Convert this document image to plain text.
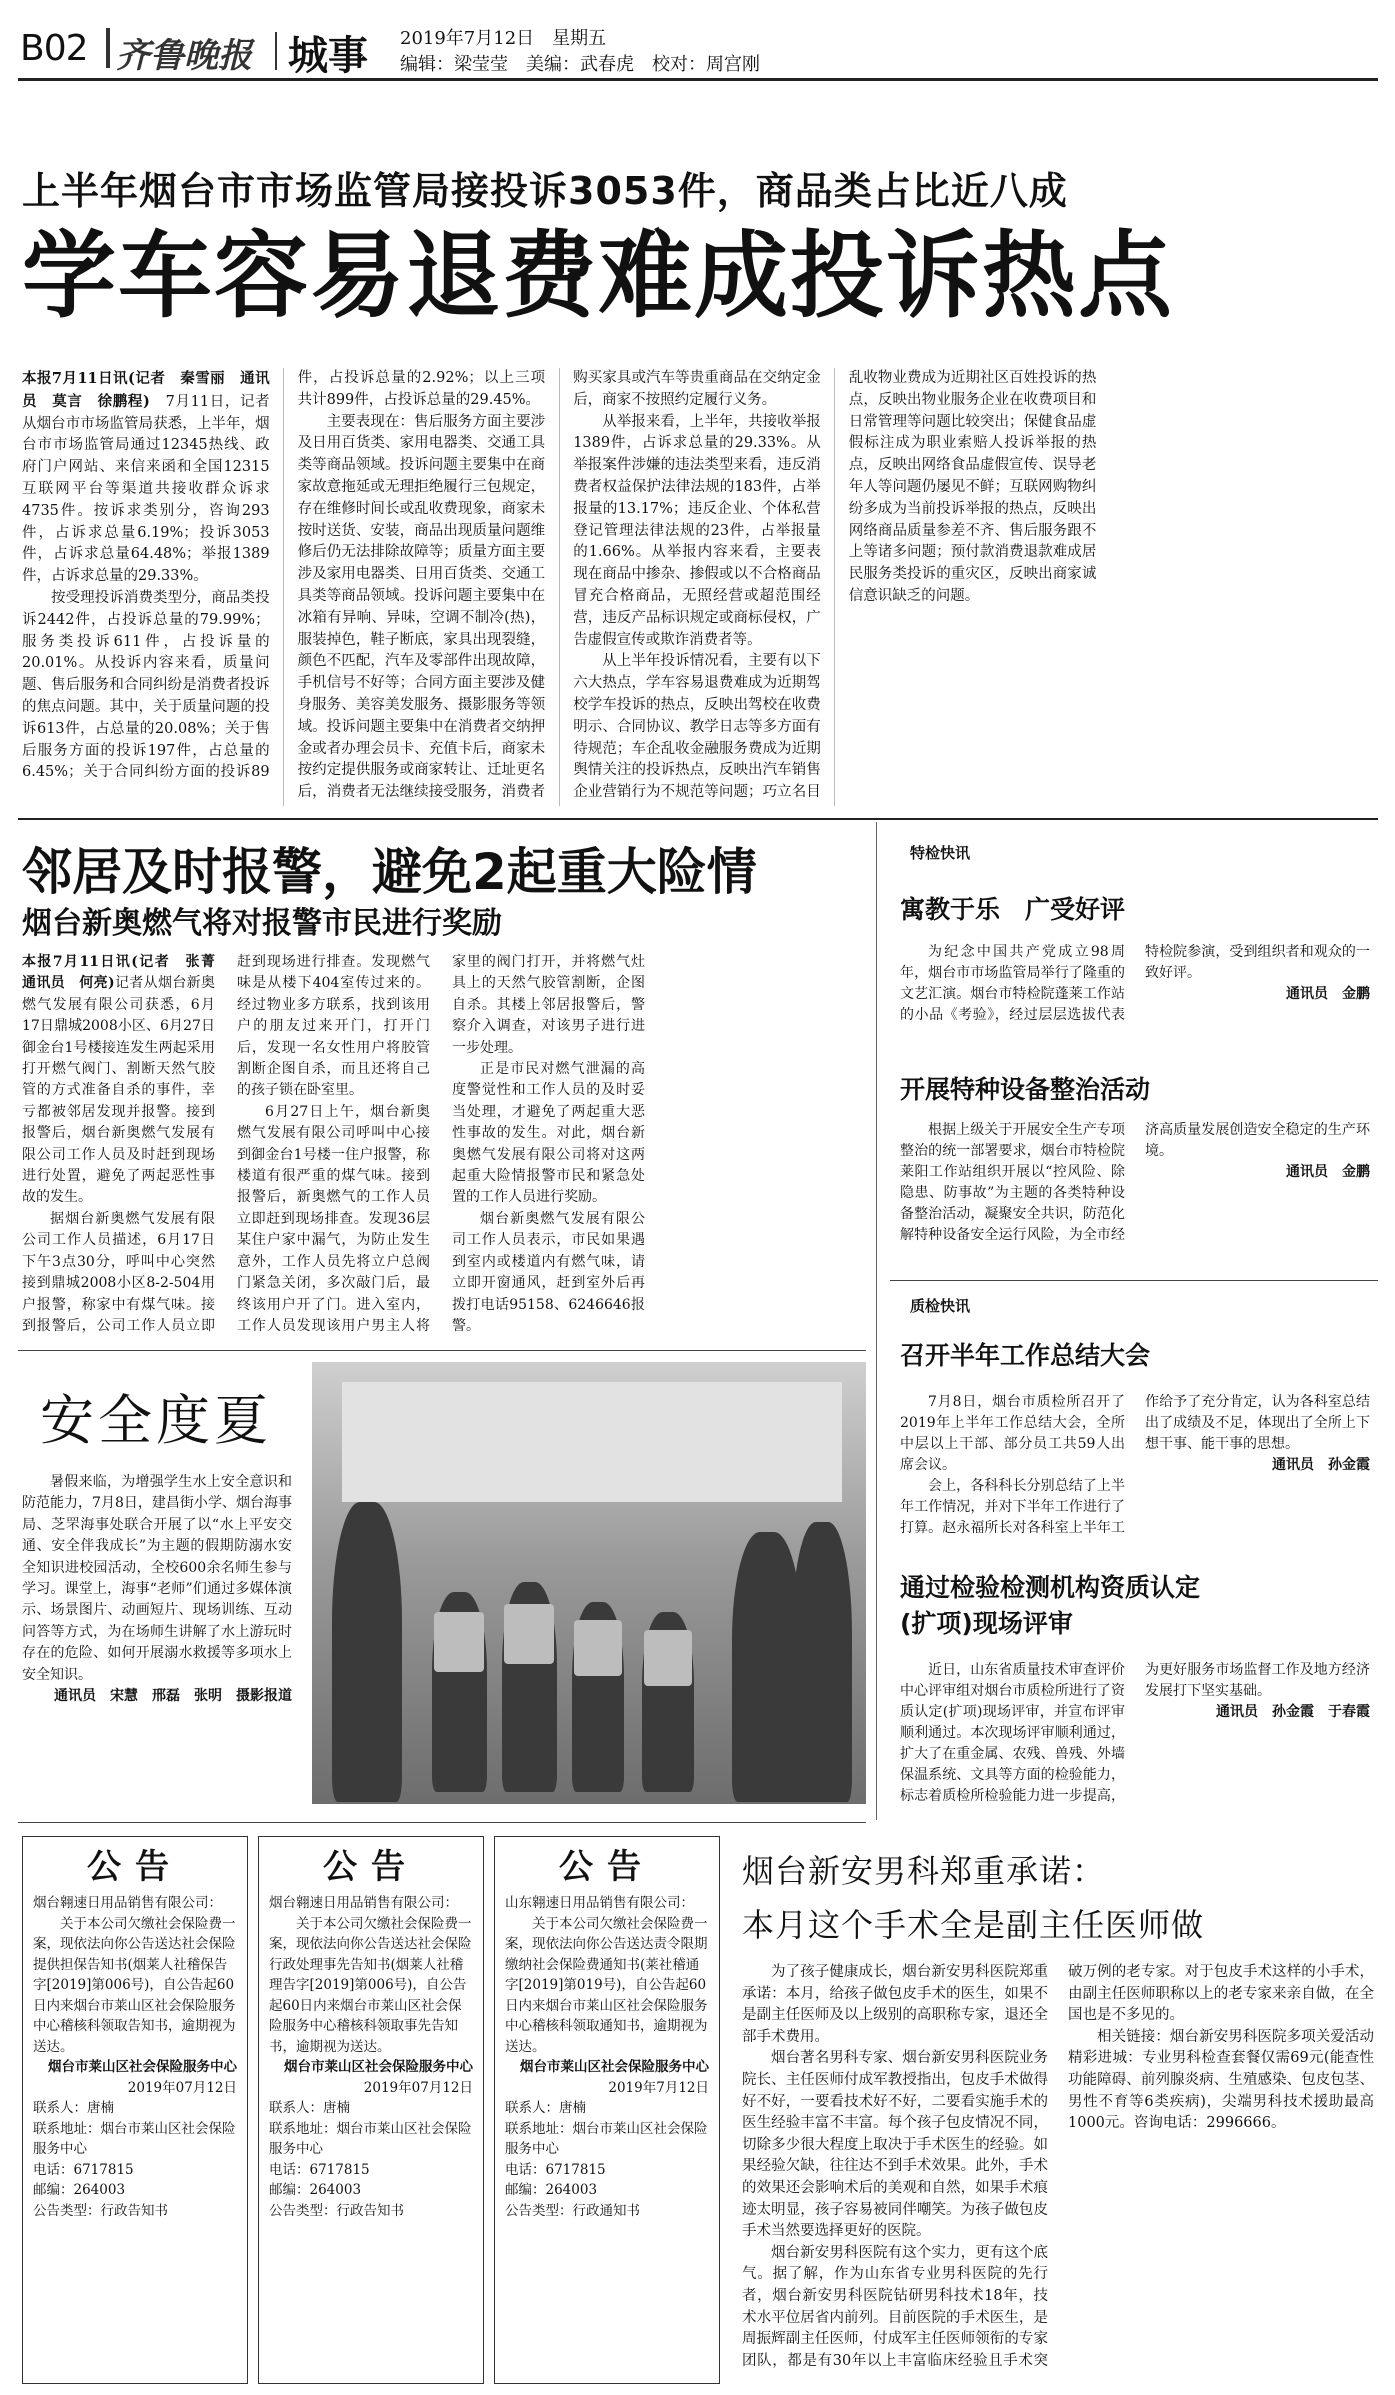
B02 齐鲁晚报 城事 2019年7月12日　星期五
编辑：梁莹莹　美编：武春虎　校对：周宫刚
上半年烟台市市场监管局接投诉3053件，商品类占比近八成
学车容易退费难成投诉热点

本报7月11日讯(记者　秦雪丽　通讯员　莫言　徐鹏程)　 7月11日，记者从烟台市市场监管局获悉，上半年，烟台市市场监管局通过12345热线、政府门户网站、来信来函和全国12315互联网平台等渠道共接收群众诉求4735件。按诉求类别分，咨询293件，占诉求总量6.19%；投诉3053件，占诉求总量64.48%；举报1389件，占诉求总量的29.33%。

按受理投诉消费类型分，商品类投诉2442件，占投诉总量的79.99%；服务类投诉611件，占投诉量的20.01%。从投诉内容来看，质量问题、售后服务和合同纠纷是消费者投诉的焦点问题。其中，关于质量问题的投诉613件，占总量的20.08%；关于售后服务方面的投诉197件，占总量的6.45%；关于合同纠纷方面的投诉89件，占投诉总量的2.92%；以上三项共计899件，占投诉总量的29.45%。

主要表现在：售后服务方面主要涉及日用百货类、家用电器类、交通工具类等商品领域。投诉问题主要集中在商家故意拖延或无理拒绝履行三包规定，存在维修时间长或乱收费现象，商家未按时送货、安装，商品出现质量问题维修后仍无法排除故障等；质量方面主要涉及家用电器类、日用百货类、交通工具类等商品领域。投诉问题主要集中在冰箱有异响、异味，空调不制冷(热)，服装掉色，鞋子断底，家具出现裂缝，颜色不匹配，汽车及零部件出现故障，手机信号不好等；合同方面主要涉及健身服务、美容美发服务、摄影服务等领域。投诉问题主要集中在消费者交纳押金或者办理会员卡、充值卡后，商家未按约定提供服务或商家转让、迁址更名后，消费者无法继续接受服务，消费者购买家具或汽车等贵重商品在交纳定金后，商家不按照约定履行义务。

从举报来看，上半年，共接收举报1389件，占诉求总量的29.33%。从举报案件涉嫌的违法类型来看，违反消费者权益保护法律法规的183件，占举报量的13.17%；违反企业、个体私营登记管理法律法规的23件，占举报量的1.66%。从举报内容来看，主要表现在商品中掺杂、掺假或以不合格商品冒充合格商品，无照经营或超范围经营，违反产品标识规定或商标侵权，广告虚假宣传或欺诈消费者等。

从上半年投诉情况看，主要有以下六大热点，学车容易退费难成为近期驾校学车投诉的热点，反映出驾校在收费明示、合同协议、教学日志等多方面有待规范；车企乱收金融服务费成为近期舆情关注的投诉热点，反映出汽车销售企业营销行为不规范等问题；巧立名目乱收物业费成为近期社区百姓投诉的热点，反映出物业服务企业在收费项目和日常管理等问题比较突出；保健食品虚假标注成为职业索赔人投诉举报的热点，反映出网络食品虚假宣传、误导老年人等问题仍屡见不鲜；互联网购物纠纷多成为当前投诉举报的热点，反映出网络商品质量参差不齐、售后服务跟不上等诸多问题；预付款消费退款难成居民服务类投诉的重灾区，反映出商家诚信意识缺乏的问题。

邻居及时报警，避免2起重大险情
烟台新奥燃气将对报警市民进行奖励

本报7月11日讯(记者　张菁　通讯员　何亮)记者从烟台新奥燃气发展有限公司获悉，6月17日鼎城2008小区、6月27日御金台1号楼接连发生两起采用打开燃气阀门、割断天然气胶管的方式准备自杀的事件，幸亏都被邻居发现并报警。接到报警后，烟台新奥燃气发展有限公司工作人员及时赶到现场进行处置，避免了两起恶性事故的发生。

据烟台新奥燃气发展有限公司工作人员描述，6月17日下午3点30分，呼叫中心突然接到鼎城2008小区8-2-504用户报警，称家中有煤气味。接到报警后，公司工作人员立即赶到现场进行排查。发现燃气味是从楼下404室传过来的。经过物业多方联系，找到该用户的朋友过来开门，打开门后，发现一名女性用户将胶管割断企图自杀，而且还将自己的孩子锁在卧室里。

6月27日上午，烟台新奥燃气发展有限公司呼叫中心接到御金台1号楼一住户报警，称楼道有很严重的煤气味。接到报警后，新奥燃气的工作人员立即赶到现场排查。发现36层某住户家中漏气，为防止发生意外，工作人员先将立户总阀门紧急关闭，多次敲门后，最终该用户开了门。进入室内，工作人员发现该用户男主人将家里的阀门打开，并将燃气灶具上的天然气胶管割断，企图自杀。其楼上邻居报警后，警察介入调查，对该男子进行进一步处理。

正是市民对燃气泄漏的高度警觉性和工作人员的及时妥当处理，才避免了两起重大恶性事故的发生。对此，烟台新奥燃气发展有限公司将对这两起重大险情报警市民和紧急处置的工作人员进行奖励。

烟台新奥燃气发展有限公司工作人员表示，市民如果遇到室内或楼道内有燃气味，请立即开窗通风，赶到室外后再拨打电话95158、6246646报警。

安全度夏

暑假来临，为增强学生水上安全意识和防范能力，7月8日，建昌街小学、烟台海事局、芝罘海事处联合开展了以“水上平安交通、安全伴我成长”为主题的假期防溺水安全知识进校园活动，全校600余名师生参与学习。课堂上，海事“老师”们通过多媒体演示、场景图片、动画短片、现场训练、互动问答等方式，为在场师生讲解了水上游玩时存在的危险、如何开展溺水救援等多项水上安全知识。

通讯员　宋慧　邢磊　张明　摄影报道

特检快讯
寓教于乐　广受好评

为纪念中国共产党成立98周年，烟台市市场监管局举行了隆重的文艺汇演。烟台市特检院蓬莱工作站的小品《考验》，经过层层选拔代表特检院参演，受到组织者和观众的一致好评。

通讯员　金鹏

开展特种设备整治活动

根据上级关于开展安全生产专项整治的统一部署要求，烟台市特检院莱阳工作站组织开展以“控风险、除隐患、防事故”为主题的各类特种设备整治活动，凝聚安全共识，防范化解特种设备安全运行风险，为全市经济高质量发展创造安全稳定的生产环境。

通讯员　金鹏

质检快讯
召开半年工作总结大会

7月8日，烟台市质检所召开了2019年上半年工作总结大会，全所中层以上干部、部分员工共59人出席会议。

会上，各科科长分别总结了上半年工作情况，并对下半年工作进行了打算。赵永福所长对各科室上半年工作给予了充分肯定，认为各科室总结出了成绩及不足，体现出了全所上下想干事、能干事的思想。

通讯员　孙金霞

通过检验检测机构资质认定(扩项)现场评审

近日，山东省质量技术审查评价中心评审组对烟台市质检所进行了资质认定(扩项)现场评审，并宣布评审顺利通过。本次现场评审顺利通过，扩大了在重金属、农残、兽残、外墙保温系统、文具等方面的检验能力，标志着质检所检验能力进一步提高，为更好服务市场监督工作及地方经济发展打下坚实基础。

通讯员　孙金霞　于春霞

公告

烟台翱速日用品销售有限公司：

关于本公司欠缴社会保险费一案，现依法向你公告送达社会保险提供担保告知书(烟莱人社稽保告字[2019]第006号)，自公告起60日内来烟台市莱山区社会保险服务中心稽核科领取告知书，逾期视为送达。

烟台市莱山区社会保险服务中心

2019年07月12日

联系人：唐楠

联系地址：烟台市莱山区社会保险服务中心

电话：6717815

邮编：264003

公告类型：行政告知书

公告

烟台翱速日用品销售有限公司：

关于本公司欠缴社会保险费一案，现依法向你公告送达社会保险行政处理事先告知书(烟莱人社稽理告字[2019]第006号)，自公告起60日内来烟台市莱山区社会保险服务中心稽核科领取事先告知书，逾期视为送达。

烟台市莱山区社会保险服务中心

2019年07月12日

联系人：唐楠

联系地址：烟台市莱山区社会保险服务中心

电话：6717815

邮编：264003

公告类型：行政告知书

公告

山东翱速日用品销售有限公司：

关于本公司欠缴社会保险费一案，现依法向你公告送达责令限期缴纳社会保险费通知书(莱社稽通字[2019]第019号)，自公告起60日内来烟台市莱山区社会保险服务中心稽核科领取通知书，逾期视为送达。

烟台市莱山区社会保险服务中心

2019年7月12日

联系人：唐楠

联系地址：烟台市莱山区社会保险服务中心

电话：6717815

邮编：264003

公告类型：行政通知书

烟台新安男科郑重承诺：
本月这个手术全是副主任医师做

为了孩子健康成长，烟台新安男科医院郑重承诺：本月，给孩子做包皮手术的医生，如果不是副主任医师及以上级别的高职称专家，退还全部手术费用。

烟台著名男科专家、烟台新安男科医院业务院长、主任医师付成军教授指出，包皮手术做得好不好，一要看技术好不好，二要看实施手术的医生经验丰富不丰富。每个孩子包皮情况不同，切除多少很大程度上取决于手术医生的经验。如果经验欠缺，往往达不到手术效果。此外，手术的效果还会影响术后的美观和自然，如果手术痕迹太明显，孩子容易被同伴嘲笑。为孩子做包皮手术当然要选择更好的医院。

烟台新安男科医院有这个实力，更有这个底气。据了解，作为山东省专业男科医院的先行者，烟台新安男科医院钻研男科技术18年，技术水平位居省内前列。目前医院的手术医生，是周振辉副主任医师，付成军主任医师领衔的专家团队，都是有30年以上丰富临床经验且手术突破万例的老专家。对于包皮手术这样的小手术，由副主任医师职称以上的老专家来亲自做，在全国也是不多见的。

相关链接：烟台新安男科医院多项关爱活动精彩进城：专业男科检查套餐仅需69元(能查性功能障碍、前列腺炎病、生殖感染、包皮包茎、男性不育等6类疾病)，尖端男科技术援助最高1000元。咨询电话：2996666。
